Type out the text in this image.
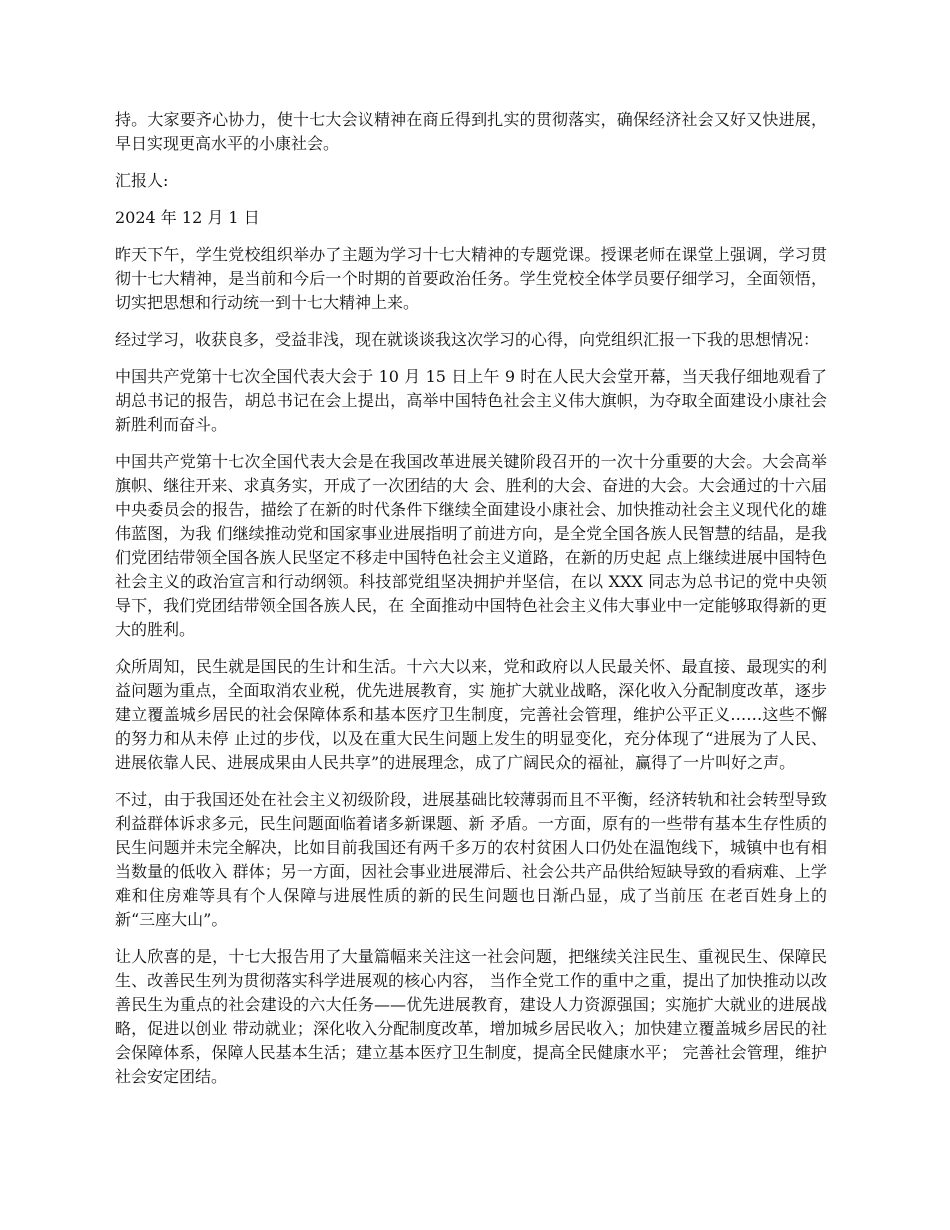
持。大家要齐心协力，使十七大会议精神在商丘得到扎实的贯彻落实，确保经济社会又好又快进展，早日实现更高水平的小康社会。

汇报人:

2024 年 12 月 1 日

昨天下午，学生党校组织举办了主题为学习十七大精神的专题党课。授课老师在课堂上强调，学习贯彻十七大精神，是当前和今后一个时期的首要政治任务。学生党校全体学员要仔细学习，全面领悟，切实把思想和行动统一到十七大精神上来。

经过学习，收获良多，受益非浅，现在就谈谈我这次学习的心得，向党组织汇报一下我的思想情况：

中国共产党第十七次全国代表大会于 10 月 15 日上午 9 时在人民大会堂开幕，当天我仔细地观看了胡总书记的报告，胡总书记在会上提出，高举中国特色社会主义伟大旗帜，为夺取全面建设小康社会新胜利而奋斗。

中国共产党第十七次全国代表大会是在我国改革进展关键阶段召开的一次十分重要的大会。大会高举旗帜、继往开来、求真务实，开成了一次团结的大 会、胜利的大会、奋进的大会。大会通过的十六届中央委员会的报告，描绘了在新的时代条件下继续全面建设小康社会、加快推动社会主义现代化的雄伟蓝图，为我 们继续推动党和国家事业进展指明了前进方向，是全党全国各族人民智慧的结晶，是我们党团结带领全国各族人民坚定不移走中国特色社会主义道路，在新的历史起 点上继续进展中国特色社会主义的政治宣言和行动纲领。科技部党组坚决拥护并坚信，在以 XXX 同志为总书记的党中央领导下，我们党团结带领全国各族人民，在 全面推动中国特色社会主义伟大事业中一定能够取得新的更大的胜利。

众所周知，民生就是国民的生计和生活。十六大以来，党和政府以人民最关怀、最直接、最现实的利益问题为重点，全面取消农业税，优先进展教育，实 施扩大就业战略，深化收入分配制度改革，逐步建立覆盖城乡居民的社会保障体系和基本医疗卫生制度，完善社会管理，维护公平正义……这些不懈的努力和从未停 止过的步伐，以及在重大民生问题上发生的明显变化，充分体现了“进展为了人民、进展依靠人民、进展成果由人民共享”的进展理念，成了广阔民众的福祉，赢得了一片叫好之声。

不过，由于我国还处在社会主义初级阶段，进展基础比较薄弱而且不平衡，经济转轨和社会转型导致利益群体诉求多元，民生问题面临着诸多新课题、新 矛盾。一方面，原有的一些带有基本生存性质的民生问题并未完全解决，比如目前我国还有两千多万的农村贫困人口仍处在温饱线下，城镇中也有相当数量的低收入 群体；另一方面，因社会事业进展滞后、社会公共产品供给短缺导致的看病难、上学难和住房难等具有个人保障与进展性质的新的民生问题也日渐凸显，成了当前压 在老百姓身上的新“三座大山”。

让人欣喜的是，十七大报告用了大量篇幅来关注这一社会问题，把继续关注民生、重视民生、保障民生、改善民生列为贯彻落实科学进展观的核心内容， 当作全党工作的重中之重，提出了加快推动以改善民生为重点的社会建设的六大任务——优先进展教育，建设人力资源强国；实施扩大就业的进展战略，促进以创业 带动就业；深化收入分配制度改革，增加城乡居民收入；加快建立覆盖城乡居民的社会保障体系，保障人民基本生活；建立基本医疗卫生制度，提高全民健康水平； 完善社会管理，维护社会安定团结。
